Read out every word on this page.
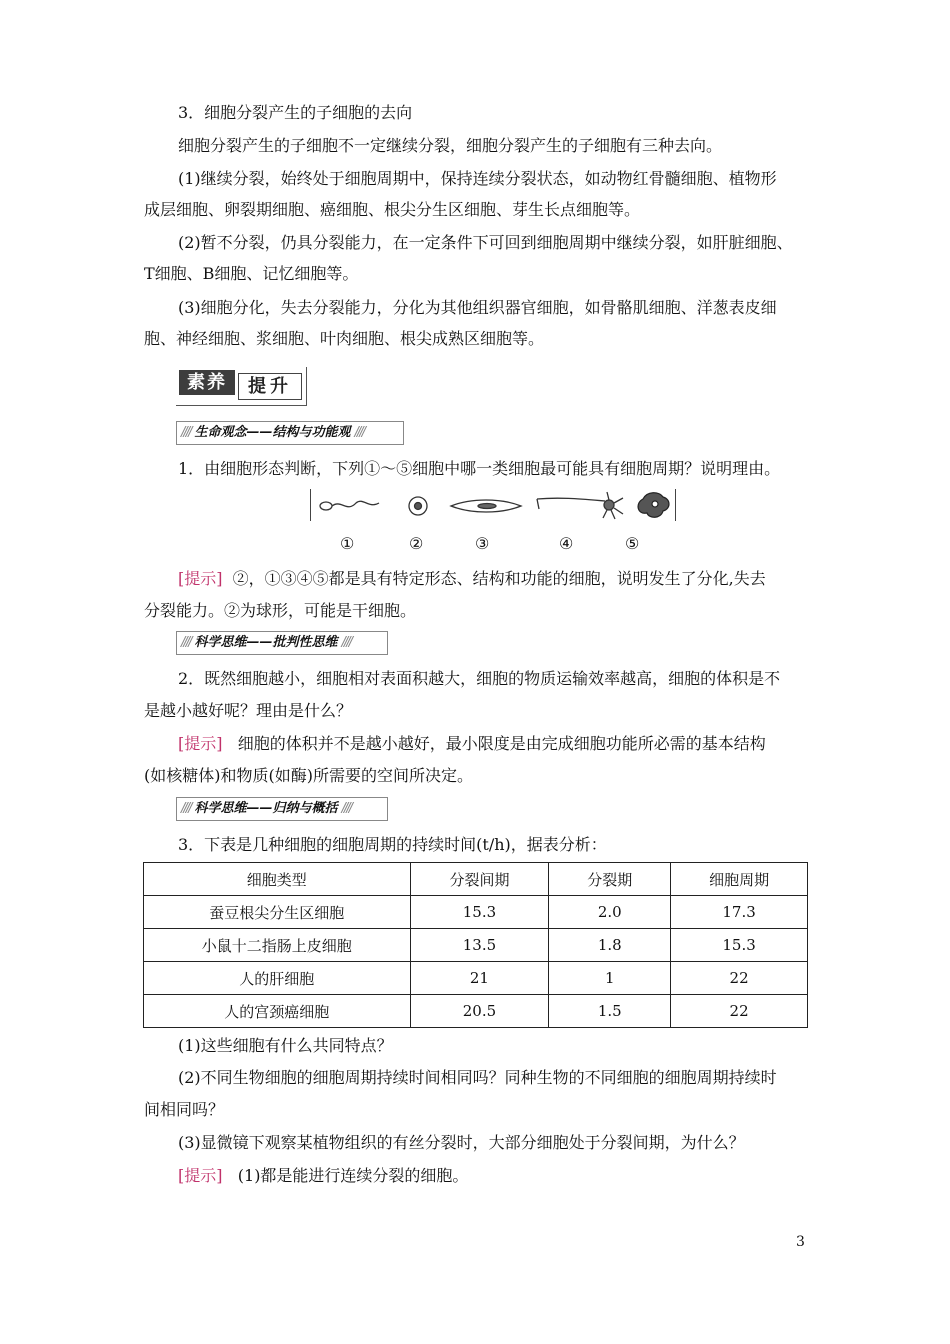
3．细胞分裂产生的子细胞的去向
细胞分裂产生的子细胞不一定继续分裂，细胞分裂产生的子细胞有三种去向。
(1)继续分裂，始终处于细胞周期中，保持连续分裂状态，如动物红骨髓细胞、植物形
成层细胞、卵裂期细胞、癌细胞、根尖分生区细胞、芽生长点细胞等。
(2)暂不分裂，仍具分裂能力，在一定条件下可回到细胞周期中继续分裂，如肝脏细胞、
T细胞、B细胞、记忆细胞等。
(3)细胞分化，失去分裂能力，分化为其他组织器官细胞，如骨骼肌细胞、洋葱表皮细
胞、神经细胞、浆细胞、叶肉细胞、根尖成熟区细胞等。
素养	提升
//// 生命观念——结构与功能观 ////
1．由细胞形态判断，下列①～⑤细胞中哪一类细胞最可能具有细胞周期？说明理由。
①	②	③	④	⑤
[提示] ②，①③④⑤都是具有特定形态、结构和功能的细胞，说明发生了分化,失去
分裂能力。②为球形，可能是干细胞。
//// 科学思维——批判性思维 ////
2．既然细胞越小，细胞相对表面积越大，细胞的物质运输效率越高，细胞的体积是不
是越小越好呢？理由是什么？
[提示] 细胞的体积并不是越小越好，最小限度是由完成细胞功能所必需的基本结构
(如核糖体)和物质(如酶)所需要的空间所决定。
//// 科学思维——归纳与概括 ////
3．下表是几种细胞的细胞周期的持续时间(t/h)，据表分析：
细胞类型	分裂间期	分裂期	细胞周期
蚕豆根尖分生区细胞	15.3	2.0	17.3
小鼠十二指肠上皮细胞	13.5	1.8	15.3
人的肝细胞	21	1	22
人的宫颈癌细胞	20.5	1.5	22
(1)这些细胞有什么共同特点？
(2)不同生物细胞的细胞周期持续时间相同吗？同种生物的不同细胞的细胞周期持续时
间相同吗？
(3)显微镜下观察某植物组织的有丝分裂时，大部分细胞处于分裂间期，为什么？
[提示] (1)都是能进行连续分裂的细胞。
3
